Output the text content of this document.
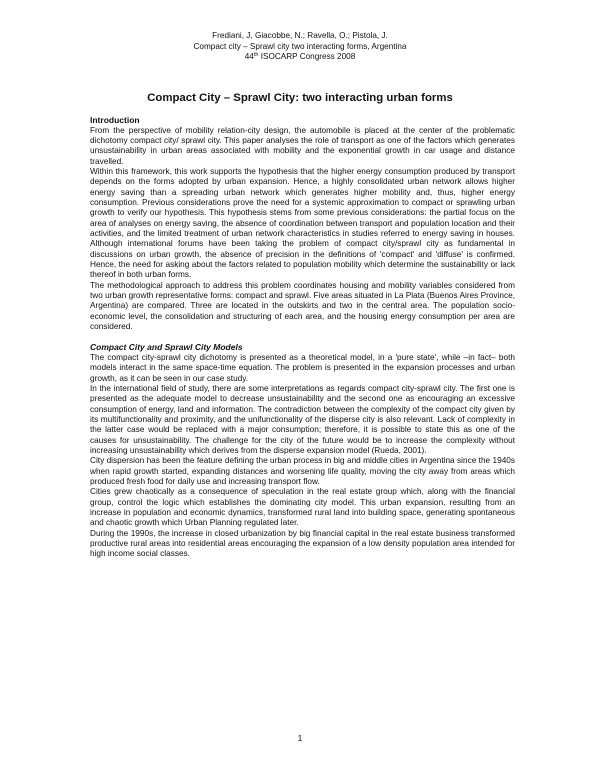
Frediani, J, Giacobbe, N.; Ravella, O.; Pistola, J.
Compact city – Sprawl city two interacting forms, Argentina
44th ISOCARP Congress 2008
Compact City – Sprawl City: two interacting urban forms
Introduction

From the perspective of mobility relation-city design, the automobile is placed at the center of the problematic dichotomy compact city/ sprawl city. This paper analyses the role of transport as one of the factors which generates unsustainability in urban areas associated with mobility and the exponential growth in car usage and distance travelled.

Within this framework, this work supports the hypothesis that the higher energy consumption produced by transport depends on the forms adopted by urban expansion. Hence, a highly consolidated urban network allows higher energy saving than a spreading urban network which generates higher mobility and, thus, higher energy consumption. Previous considerations prove the need for a systemic approximation to compact or sprawling urban growth to verify our hypothesis. This hypothesis stems from some previous considerations: the partial focus on the area of analyses on energy saving, the absence of coordination between transport and population location and their activities, and the limited treatment of urban network characteristics in studies referred to energy saving in houses. Although international forums have been taking the problem of compact city/sprawl city as fundamental in discussions on urban growth, the absence of precision in the definitions of 'compact' and 'diffuse' is confirmed. Hence, the need for asking about the factors related to population mobility which determine the sustainability or lack thereof in both urban forms.

The methodological approach to address this problem coordinates housing and mobility variables considered from two urban growth representative forms: compact and sprawl. Five areas situated in La Plata (Buenos Aires Province, Argentina) are compared. Three are located in the outskirts and two in the central area. The population socio-economic level, the consolidation and structuring of each area, and the housing energy consumption per area are considered.

Compact City and Sprawl City Models

The compact city-sprawl city dichotomy is presented as a theoretical model, in a 'pure state', while –in fact– both models interact in the same space-time equation. The problem is presented in the expansion processes and urban growth, as it can be seen in our case study.

In the international field of study, there are some interpretations as regards compact city-sprawl city. The first one is presented as the adequate model to decrease unsustainability and the second one as encouraging an excessive consumption of energy, land and information. The contradiction between the complexity of the compact city given by its multifunctionality and proximity, and the unifunctionality of the disperse city is also relevant. Lack of complexity in the latter case would be replaced with a major consumption; therefore, it is possible to state this as one of the causes for unsustainability. The challenge for the city of the future would be to increase the complexity without increasing unsustainability which derives from the disperse expansion model (Rueda, 2001).

City dispersion has been the feature defining the urban process in big and middle cities in Argentina since the 1940s when rapid growth started, expanding distances and worsening life quality, moving the city away from areas which produced fresh food for daily use and increasing transport flow.

Cities grew chaotically as a consequence of speculation in the real estate group which, along with the financial group, control the logic which establishes the dominating city model. This urban expansion, resulting from an increase in population and economic dynamics, transformed rural land into building space, generating spontaneous and chaotic growth which Urban Planning regulated later.

During the 1990s, the increase in closed urbanization by big financial capital in the real estate business transformed productive rural areas into residential areas encouraging the expansion of a low density population area intended for high income social classes.

1
